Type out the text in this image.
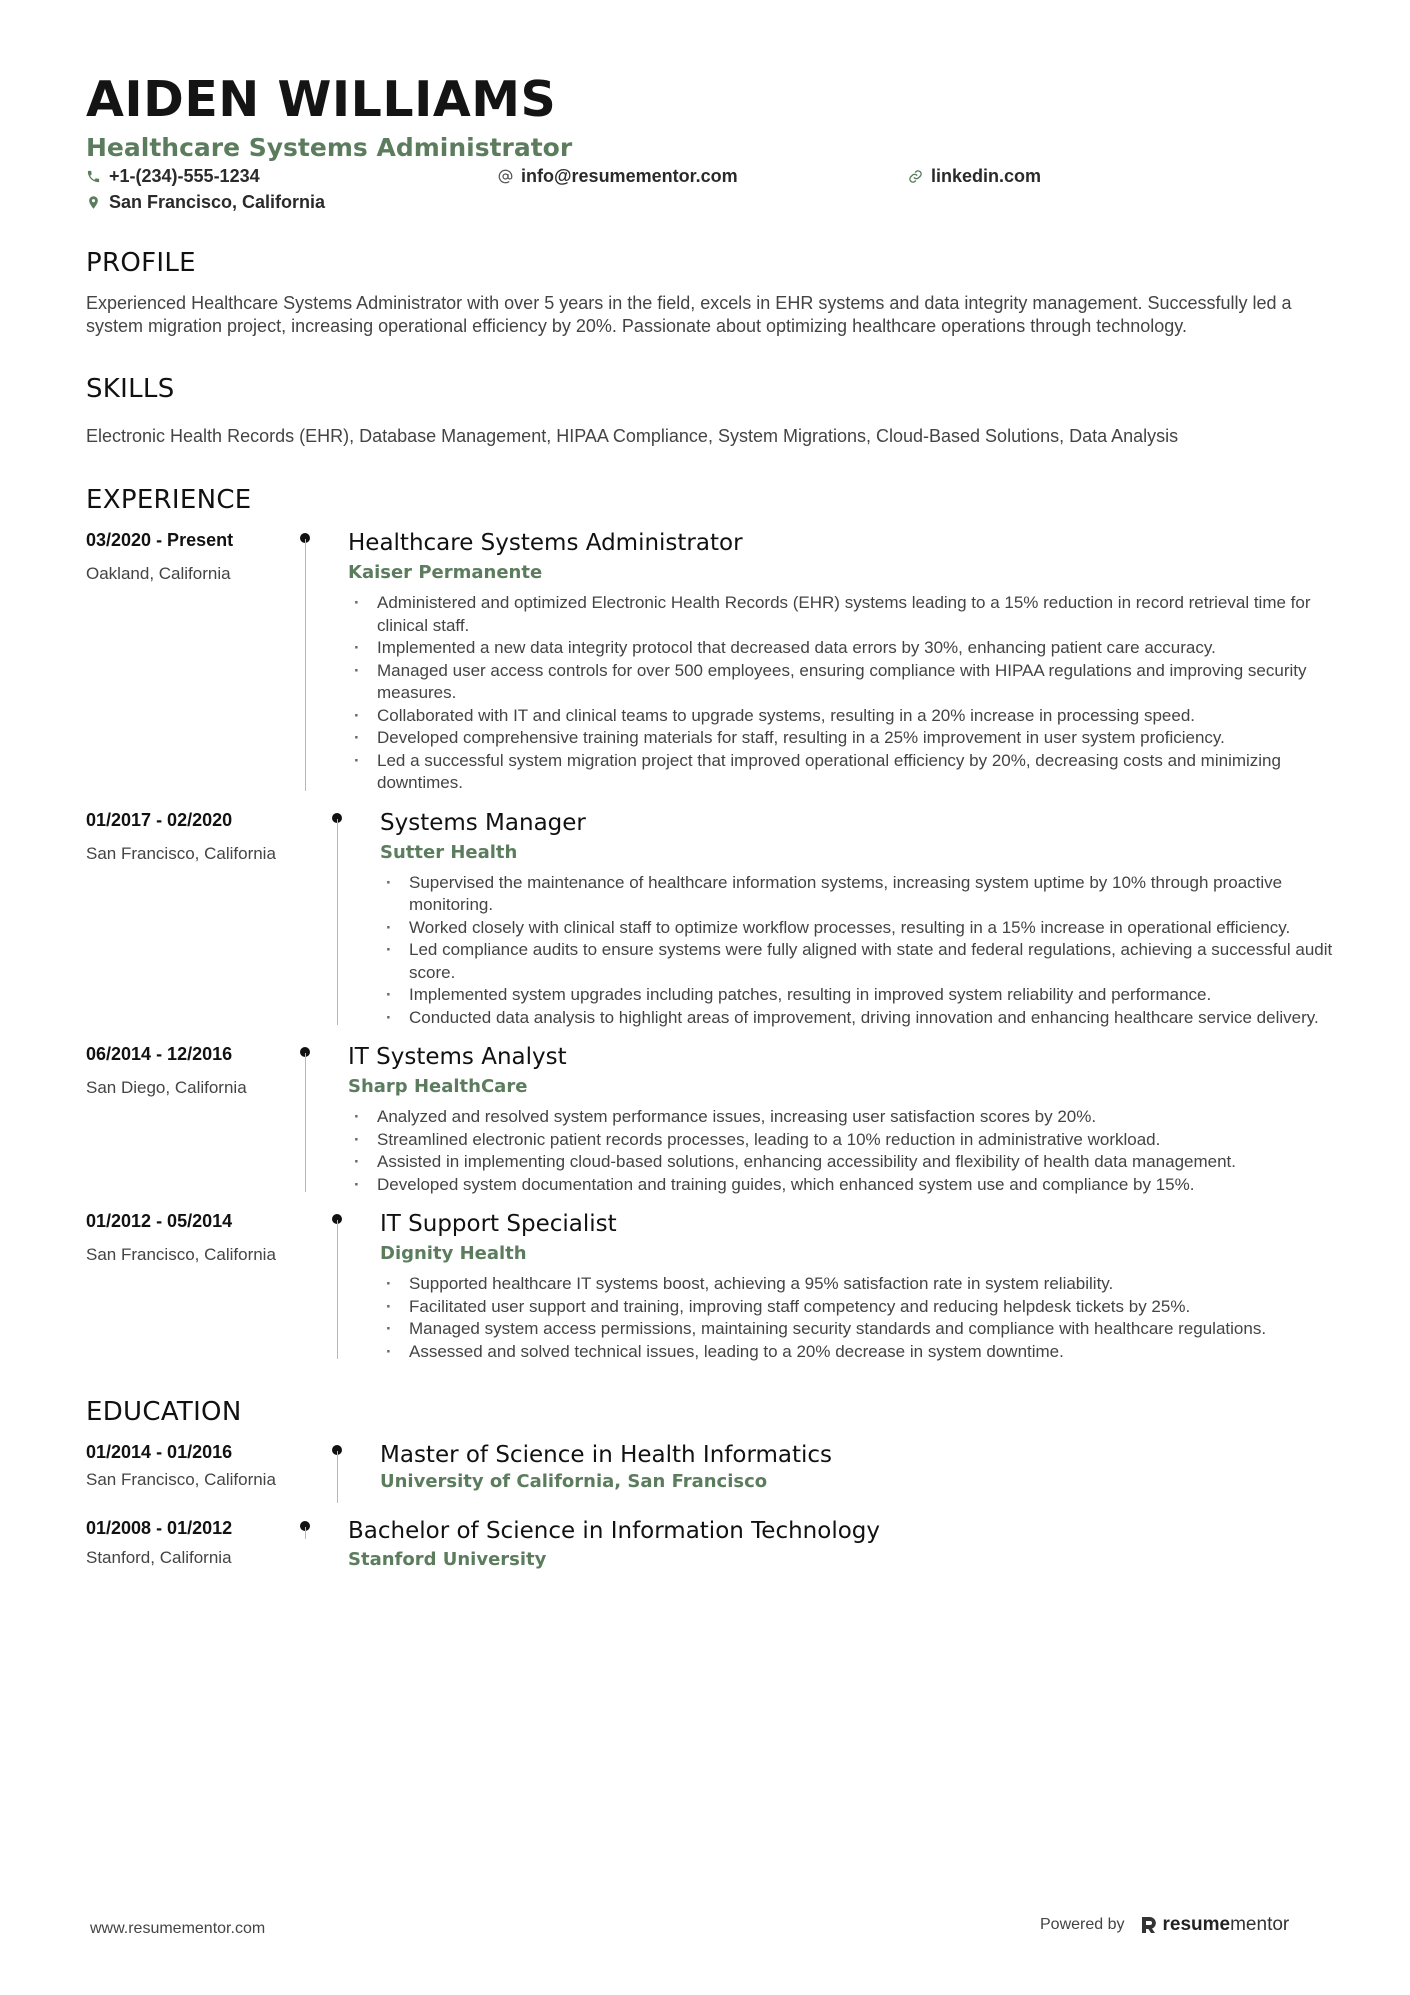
AIDEN WILLIAMS
Healthcare Systems Administrator
+1-(234)-555-1234	info@resumementor.com	linkedin.com
San Francisco, California
PROFILE
Experienced Healthcare Systems Administrator with over 5 years in the field, excels in EHR systems and data integrity management. Successfully led a system migration project, increasing operational efficiency by 20%. Passionate about optimizing healthcare operations through technology.
SKILLS
Electronic Health Records (EHR), Database Management, HIPAA Compliance, System Migrations, Cloud-Based Solutions, Data Analysis
EXPERIENCE
03/2020 - Present
Oakland, California
Healthcare Systems Administrator
Kaiser Permanente
· Administered and optimized Electronic Health Records (EHR) systems leading to a 15% reduction in record retrieval time for clinical staff.
· Implemented a new data integrity protocol that decreased data errors by 30%, enhancing patient care accuracy.
· Managed user access controls for over 500 employees, ensuring compliance with HIPAA regulations and improving security measures.
· Collaborated with IT and clinical teams to upgrade systems, resulting in a 20% increase in processing speed.
· Developed comprehensive training materials for staff, resulting in a 25% improvement in user system proficiency.
· Led a successful system migration project that improved operational efficiency by 20%, decreasing costs and minimizing downtimes.
01/2017 - 02/2020
San Francisco, California
Systems Manager
Sutter Health
· Supervised the maintenance of healthcare information systems, increasing system uptime by 10% through proactive monitoring.
· Worked closely with clinical staff to optimize workflow processes, resulting in a 15% increase in operational efficiency.
· Led compliance audits to ensure systems were fully aligned with state and federal regulations, achieving a successful audit score.
· Implemented system upgrades including patches, resulting in improved system reliability and performance.
· Conducted data analysis to highlight areas of improvement, driving innovation and enhancing healthcare service delivery.
06/2014 - 12/2016
San Diego, California
IT Systems Analyst
Sharp HealthCare
· Analyzed and resolved system performance issues, increasing user satisfaction scores by 20%.
· Streamlined electronic patient records processes, leading to a 10% reduction in administrative workload.
· Assisted in implementing cloud-based solutions, enhancing accessibility and flexibility of health data management.
· Developed system documentation and training guides, which enhanced system use and compliance by 15%.
01/2012 - 05/2014
San Francisco, California
IT Support Specialist
Dignity Health
· Supported healthcare IT systems boost, achieving a 95% satisfaction rate in system reliability.
· Facilitated user support and training, improving staff competency and reducing helpdesk tickets by 25%.
· Managed system access permissions, maintaining security standards and compliance with healthcare regulations.
· Assessed and solved technical issues, leading to a 20% decrease in system downtime.
EDUCATION
01/2014 - 01/2016
San Francisco, California
Master of Science in Health Informatics
University of California, San Francisco
01/2008 - 01/2012
Stanford, California
Bachelor of Science in Information Technology
Stanford University
www.resumementor.com	Powered by resumementor
